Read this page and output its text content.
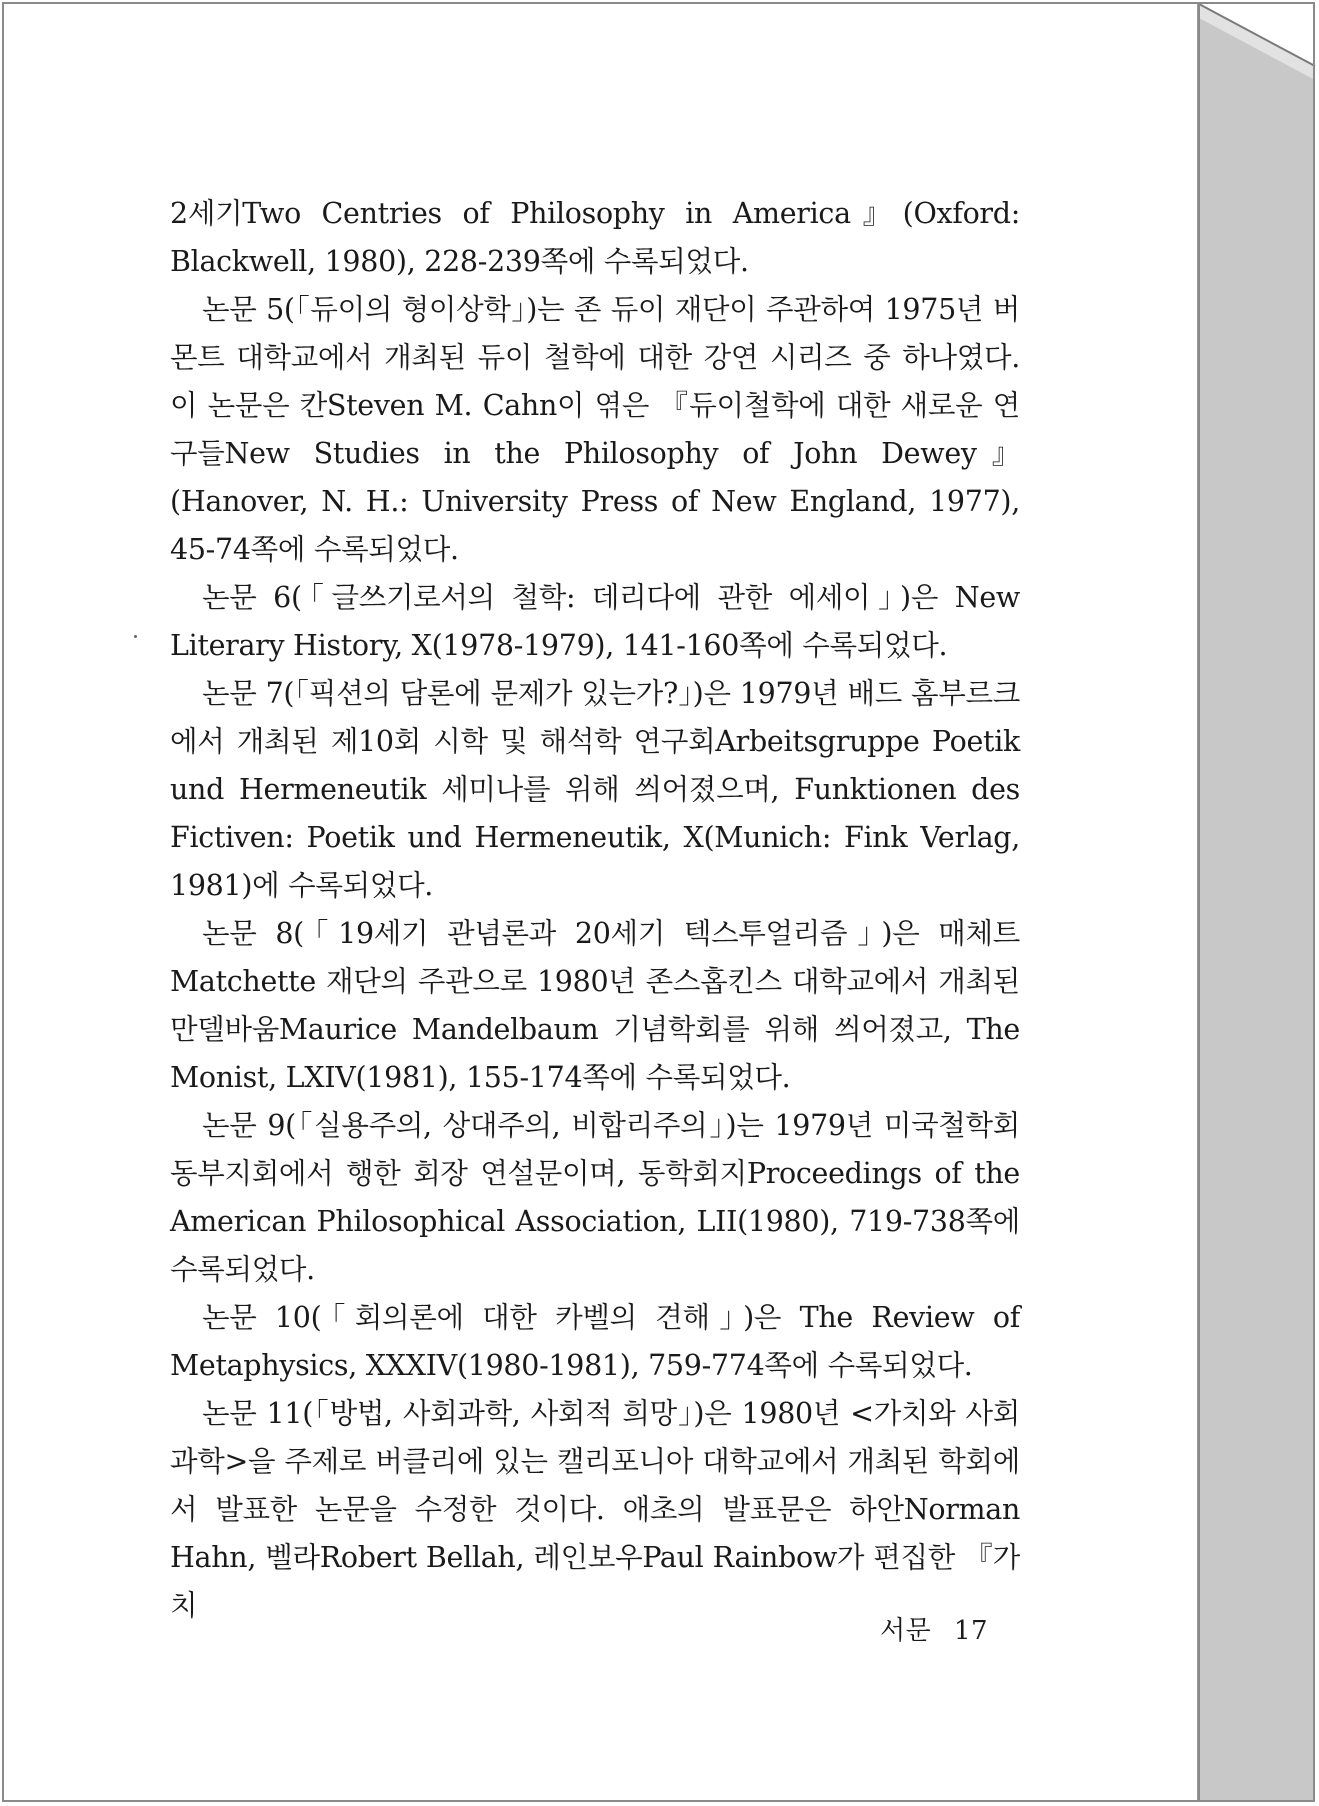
2세기Two Centries of Philosophy in America』(Oxford: Blackwell, 1980), 228-239쪽에 수록되었다.

논문 5(「듀이의 형이상학」)는 존 듀이 재단이 주관하여 1975년 버몬트 대학교에서 개최된 듀이 철학에 대한 강연 시리즈 중 하나였다. 이 논문은 칸Steven M. Cahn이 엮은 『듀이철학에 대한 새로운 연구들New Studies in the Philosophy of John Dewey』(Hanover, N. H.: University Press of New England, 1977), 45-74쪽에 수록되었다.

논문 6(「글쓰기로서의 철학: 데리다에 관한 에세이」)은 New Literary History, X(1978-1979), 141-160쪽에 수록되었다.

논문 7(「픽션의 담론에 문제가 있는가?」)은 1979년 배드 홈부르크에서 개최된 제10회 시학 및 해석학 연구회Arbeitsgruppe Poetik und Hermeneutik 세미나를 위해 씌어졌으며, Funktionen des Fictiven: Poetik und Hermeneutik, X(Munich: Fink Verlag, 1981)에 수록되었다.

논문 8(「19세기 관념론과 20세기 텍스투얼리즘」)은 매체트Matchette 재단의 주관으로 1980년 존스홉킨스 대학교에서 개최된 만델바움Maurice Mandelbaum 기념학회를 위해 씌어졌고, The Monist, LXIV(1981), 155-174쪽에 수록되었다.

논문 9(「실용주의, 상대주의, 비합리주의」)는 1979년 미국철학회 동부지회에서 행한 회장 연설문이며, 동학회지Proceedings of the American Philosophical Association, LII(1980), 719-738쪽에 수록되었다.

논문 10(「회의론에 대한 카벨의 견해」)은 The Review of Metaphysics, XXXIV(1980-1981), 759-774쪽에 수록되었다.

논문 11(「방법, 사회과학, 사회적 희망」)은 1980년 <가치와 사회과학>을 주제로 버클리에 있는 캘리포니아 대학교에서 개최된 학회에서 발표한 논문을 수정한 것이다. 애초의 발표문은 하안Norman Hahn, 벨라Robert Bellah, 레인보우Paul Rainbow가 편집한 『가치

서문 17
